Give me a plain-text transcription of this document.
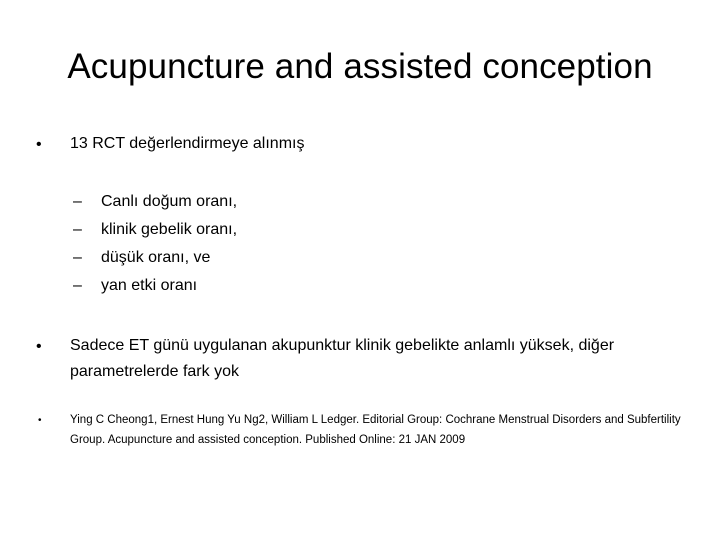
Acupuncture and assisted conception
•	13 RCT değerlendirmeye alınmış
–	Canlı doğum oranı,
–	klinik gebelik oranı,
–	düşük oranı, ve
–	yan etki oranı
•	Sadece ET günü uygulanan akupunktur klinik gebelikte anlamlı yüksek, diğer parametrelerde fark yok
•	Ying C Cheong1, Ernest Hung Yu Ng2, William L Ledger. Editorial Group: Cochrane Menstrual Disorders and Subfertility Group. Acupuncture and assisted conception. Published Online: 21 JAN 2009
